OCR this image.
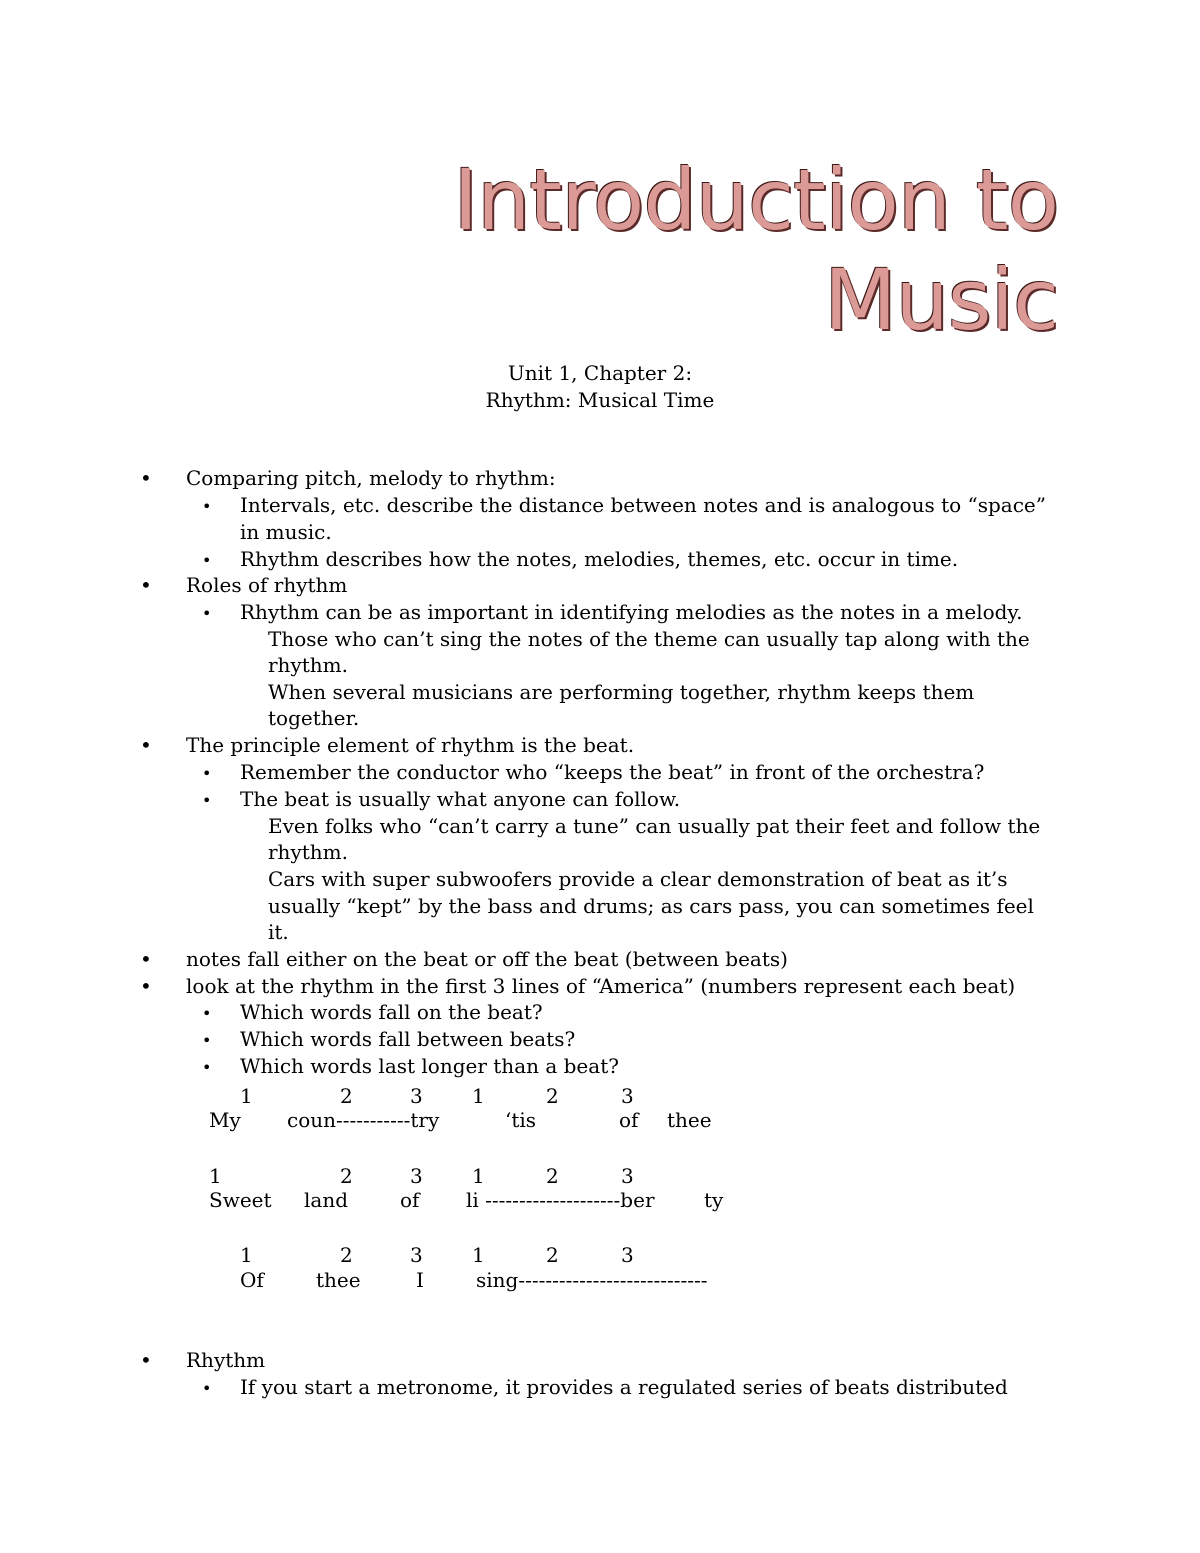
Introduction to
Music
Unit 1, Chapter 2:
Rhythm: Musical Time
• Comparing pitch, melody to rhythm:
• Intervals, etc. describe the distance between notes and is analogous to “space”
in music.
• Rhythm describes how the notes, melodies, themes, etc. occur in time.
• Roles of rhythm
• Rhythm can be as important in identifying melodies as the notes in a melody.
Those who can’t sing the notes of the theme can usually tap along with the
rhythm.
When several musicians are performing together, rhythm keeps them
together.
• The principle element of rhythm is the beat.
• Remember the conductor who “keeps the beat” in front of the orchestra?
• The beat is usually what anyone can follow.
Even folks who “can’t carry a tune” can usually pat their feet and follow the
rhythm.
Cars with super subwoofers provide a clear demonstration of beat as it’s
usually “kept” by the bass and drums; as cars pass, you can sometimes feel
it.
• notes fall either on the beat or off the beat (between beats)
• look at the rhythm in the first 3 lines of “America” (numbers represent each beat)
• Which words fall on the beat?
• Which words fall between beats?
• Which words last longer than a beat?
1	2	3 1	2	3
My coun-----------try	‘tis	of thee
1	2	3 1	2	3
Sweet land	of li --------------------ber ty
1	2	3 1	2	3
Of	thee	I	sing----------------------------
• Rhythm
• If you start a metronome, it provides a regulated series of beats distributed
